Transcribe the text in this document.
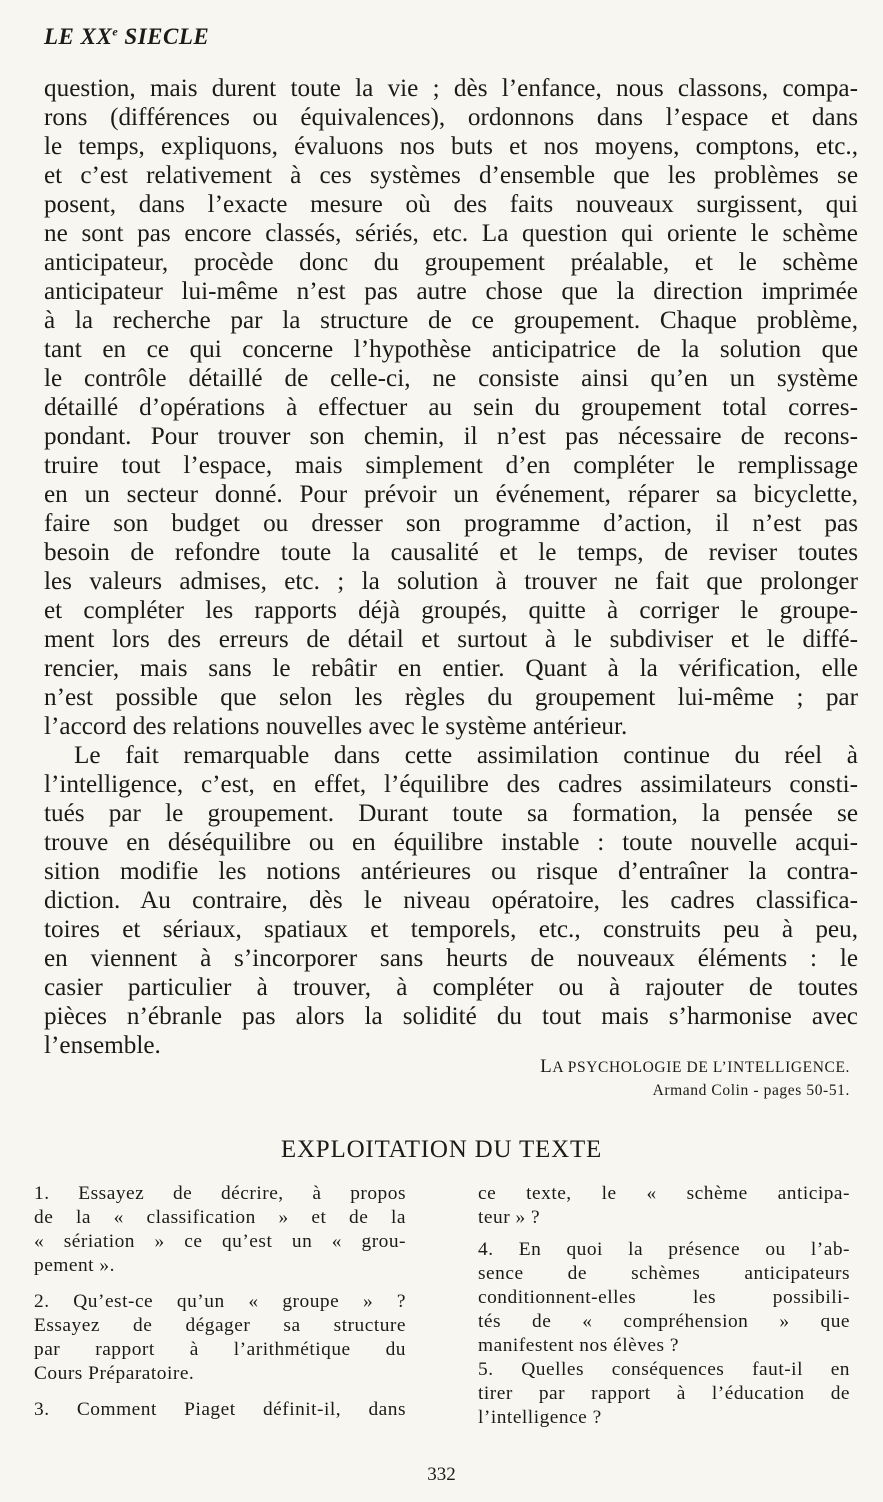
LE XXe SIECLE
question, mais durent toute la vie ; dès l’enfance, nous classons, compa-
rons (différences ou équivalences), ordonnons dans l’espace et dans
le temps, expliquons, évaluons nos buts et nos moyens, comptons, etc.,
et c’est relativement à ces systèmes d’ensemble que les problèmes se
posent, dans l’exacte mesure où des faits nouveaux surgissent, qui
ne sont pas encore classés, sériés, etc. La question qui oriente le schème
anticipateur, procède donc du groupement préalable, et le schème
anticipateur lui-même n’est pas autre chose que la direction imprimée
à la recherche par la structure de ce groupement. Chaque problème,
tant en ce qui concerne l’hypothèse anticipatrice de la solution que
le contrôle détaillé de celle-ci, ne consiste ainsi qu’en un système
détaillé d’opérations à effectuer au sein du groupement total corres-
pondant. Pour trouver son chemin, il n’est pas nécessaire de recons-
truire tout l’espace, mais simplement d’en compléter le remplissage
en un secteur donné. Pour prévoir un événement, réparer sa bicyclette,
faire son budget ou dresser son programme d’action, il n’est pas
besoin de refondre toute la causalité et le temps, de reviser toutes
les valeurs admises, etc. ; la solution à trouver ne fait que prolonger
et compléter les rapports déjà groupés, quitte à corriger le groupe-
ment lors des erreurs de détail et surtout à le subdiviser et le diffé-
rencier, mais sans le rebâtir en entier. Quant à la vérification, elle
n’est possible que selon les règles du groupement lui-même ; par
l’accord des relations nouvelles avec le système antérieur.
Le fait remarquable dans cette assimilation continue du réel à
l’intelligence, c’est, en effet, l’équilibre des cadres assimilateurs consti-
tués par le groupement. Durant toute sa formation, la pensée se
trouve en déséquilibre ou en équilibre instable : toute nouvelle acqui-
sition modifie les notions antérieures ou risque d’entraîner la contra-
diction. Au contraire, dès le niveau opératoire, les cadres classifica-
toires et sériaux, spatiaux et temporels, etc., construits peu à peu,
en viennent à s’incorporer sans heurts de nouveaux éléments : le
casier particulier à trouver, à compléter ou à rajouter de toutes
pièces n’ébranle pas alors la solidité du tout mais s’harmonise avec
l’ensemble.
LA PSYCHOLOGIE DE L’INTELLIGENCE.
Armand Colin - pages 50-51.
EXPLOITATION DU TEXTE
1. Essayez de décrire, à propos
de la « classification » et de la
« sériation » ce qu’est un « grou-
pement ».
2. Qu’est-ce qu’un « groupe » ?
Essayez de dégager sa structure
par rapport à l’arithmétique du
Cours Préparatoire.
3. Comment Piaget définit-il, dans
ce texte, le « schème anticipa-
teur » ?
4. En quoi la présence ou l’ab-
sence de schèmes anticipateurs
conditionnent-elles les possibili-
tés de « compréhension » que
manifestent nos élèves ?
5. Quelles conséquences faut-il en
tirer par rapport à l’éducation de
l’intelligence ?
332
